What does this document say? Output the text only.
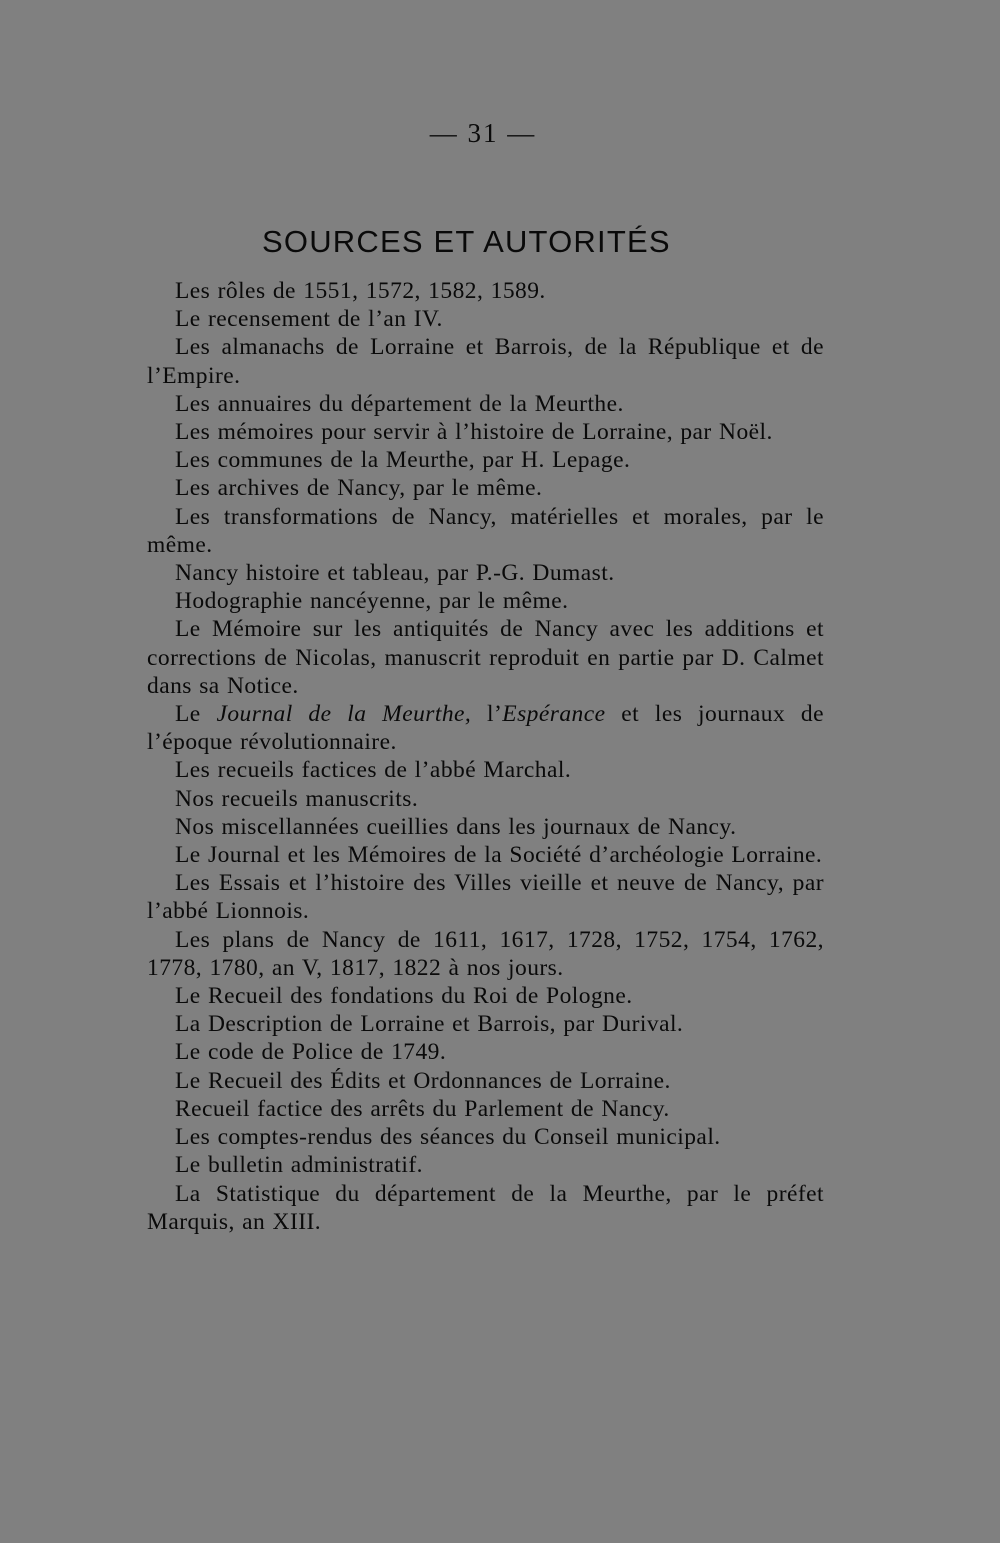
— 31 —
SOURCES ET AUTORITÉS

Les rôles de 1551, 1572, 1582, 1589.

Le recensement de l’an IV.

Les almanachs de Lorraine et Barrois, de la République et de l’Empire.

Les annuaires du département de la Meurthe.

Les mémoires pour servir à l’histoire de Lorraine, par Noël.

Les communes de la Meurthe, par H. Lepage.

Les archives de Nancy, par le même.

Les transformations de Nancy, matérielles et morales, par le même.

Nancy histoire et tableau, par P.-G. Dumast.

Hodographie nancéyenne, par le même.

Le Mémoire sur les antiquités de Nancy avec les additions et corrections de Nicolas, manuscrit reproduit en partie par D. Calmet dans sa Notice.

Le Journal de la Meurthe, l’Espérance et les journaux de l’époque révolutionnaire.

Les recueils factices de l’abbé Marchal.

Nos recueils manuscrits.

Nos miscellannées cueillies dans les journaux de Nancy.

Le Journal et les Mémoires de la Société d’archéologie Lorraine.

Les Essais et l’histoire des Villes vieille et neuve de Nancy, par l’abbé Lionnois.

Les plans de Nancy de 1611, 1617, 1728, 1752, 1754, 1762, 1778, 1780, an V, 1817, 1822 à nos jours.

Le Recueil des fondations du Roi de Pologne.

La Description de Lorraine et Barrois, par Durival.

Le code de Police de 1749.

Le Recueil des Édits et Ordonnances de Lorraine.

Recueil factice des arrêts du Parlement de Nancy.

Les comptes-rendus des séances du Conseil municipal.

Le bulletin administratif.

La Statistique du département de la Meurthe, par le préfet Marquis, an XIII.
